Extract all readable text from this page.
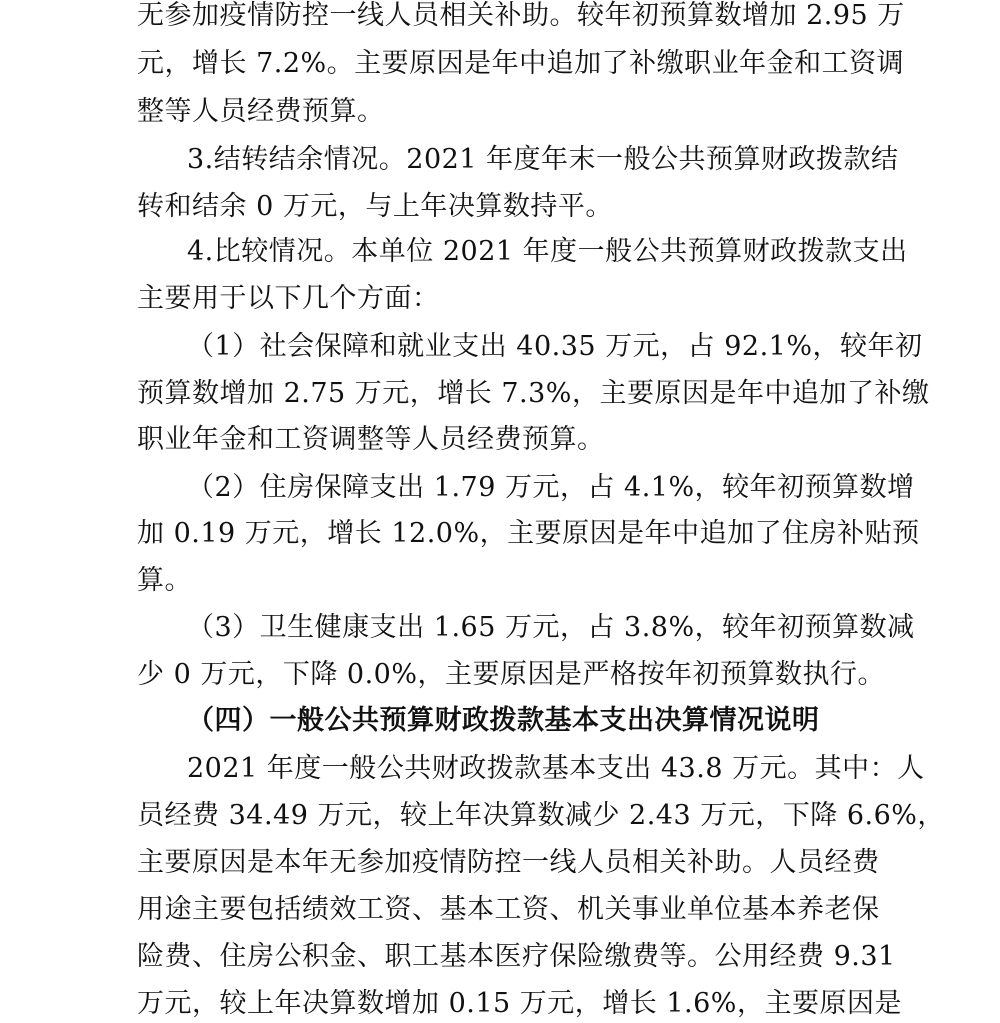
无参加疫情防控一线人员相关补助。较年初预算数增加 2.95 万
元，增长 7.2%。主要原因是年中追加了补缴职业年金和工资调
整等人员经费预算。
3.结转结余情况。2021 年度年末一般公共预算财政拨款结
转和结余 0 万元，与上年决算数持平。
4.比较情况。本单位 2021 年度一般公共预算财政拨款支出
主要用于以下几个方面：
（1）社会保障和就业支出 40.35 万元，占 92.1%，较年初
预算数增加 2.75 万元，增长 7.3%，主要原因是年中追加了补缴
职业年金和工资调整等人员经费预算。
（2）住房保障支出 1.79 万元，占 4.1%，较年初预算数增
加 0.19 万元，增长 12.0%，主要原因是年中追加了住房补贴预
算。
（3）卫生健康支出 1.65 万元，占 3.8%，较年初预算数减
少 0 万元，下降 0.0%，主要原因是严格按年初预算数执行。
（四）一般公共预算财政拨款基本支出决算情况说明
2021 年度一般公共财政拨款基本支出 43.8 万元。其中：人
员经费 34.49 万元，较上年决算数减少 2.43 万元，下降 6.6%，
主要原因是本年无参加疫情防控一线人员相关补助。人员经费
用途主要包括绩效工资、基本工资、机关事业单位基本养老保
险费、住房公积金、职工基本医疗保险缴费等。公用经费 9.31
万元，较上年决算数增加 0.15 万元，增长 1.6%，主要原因是
